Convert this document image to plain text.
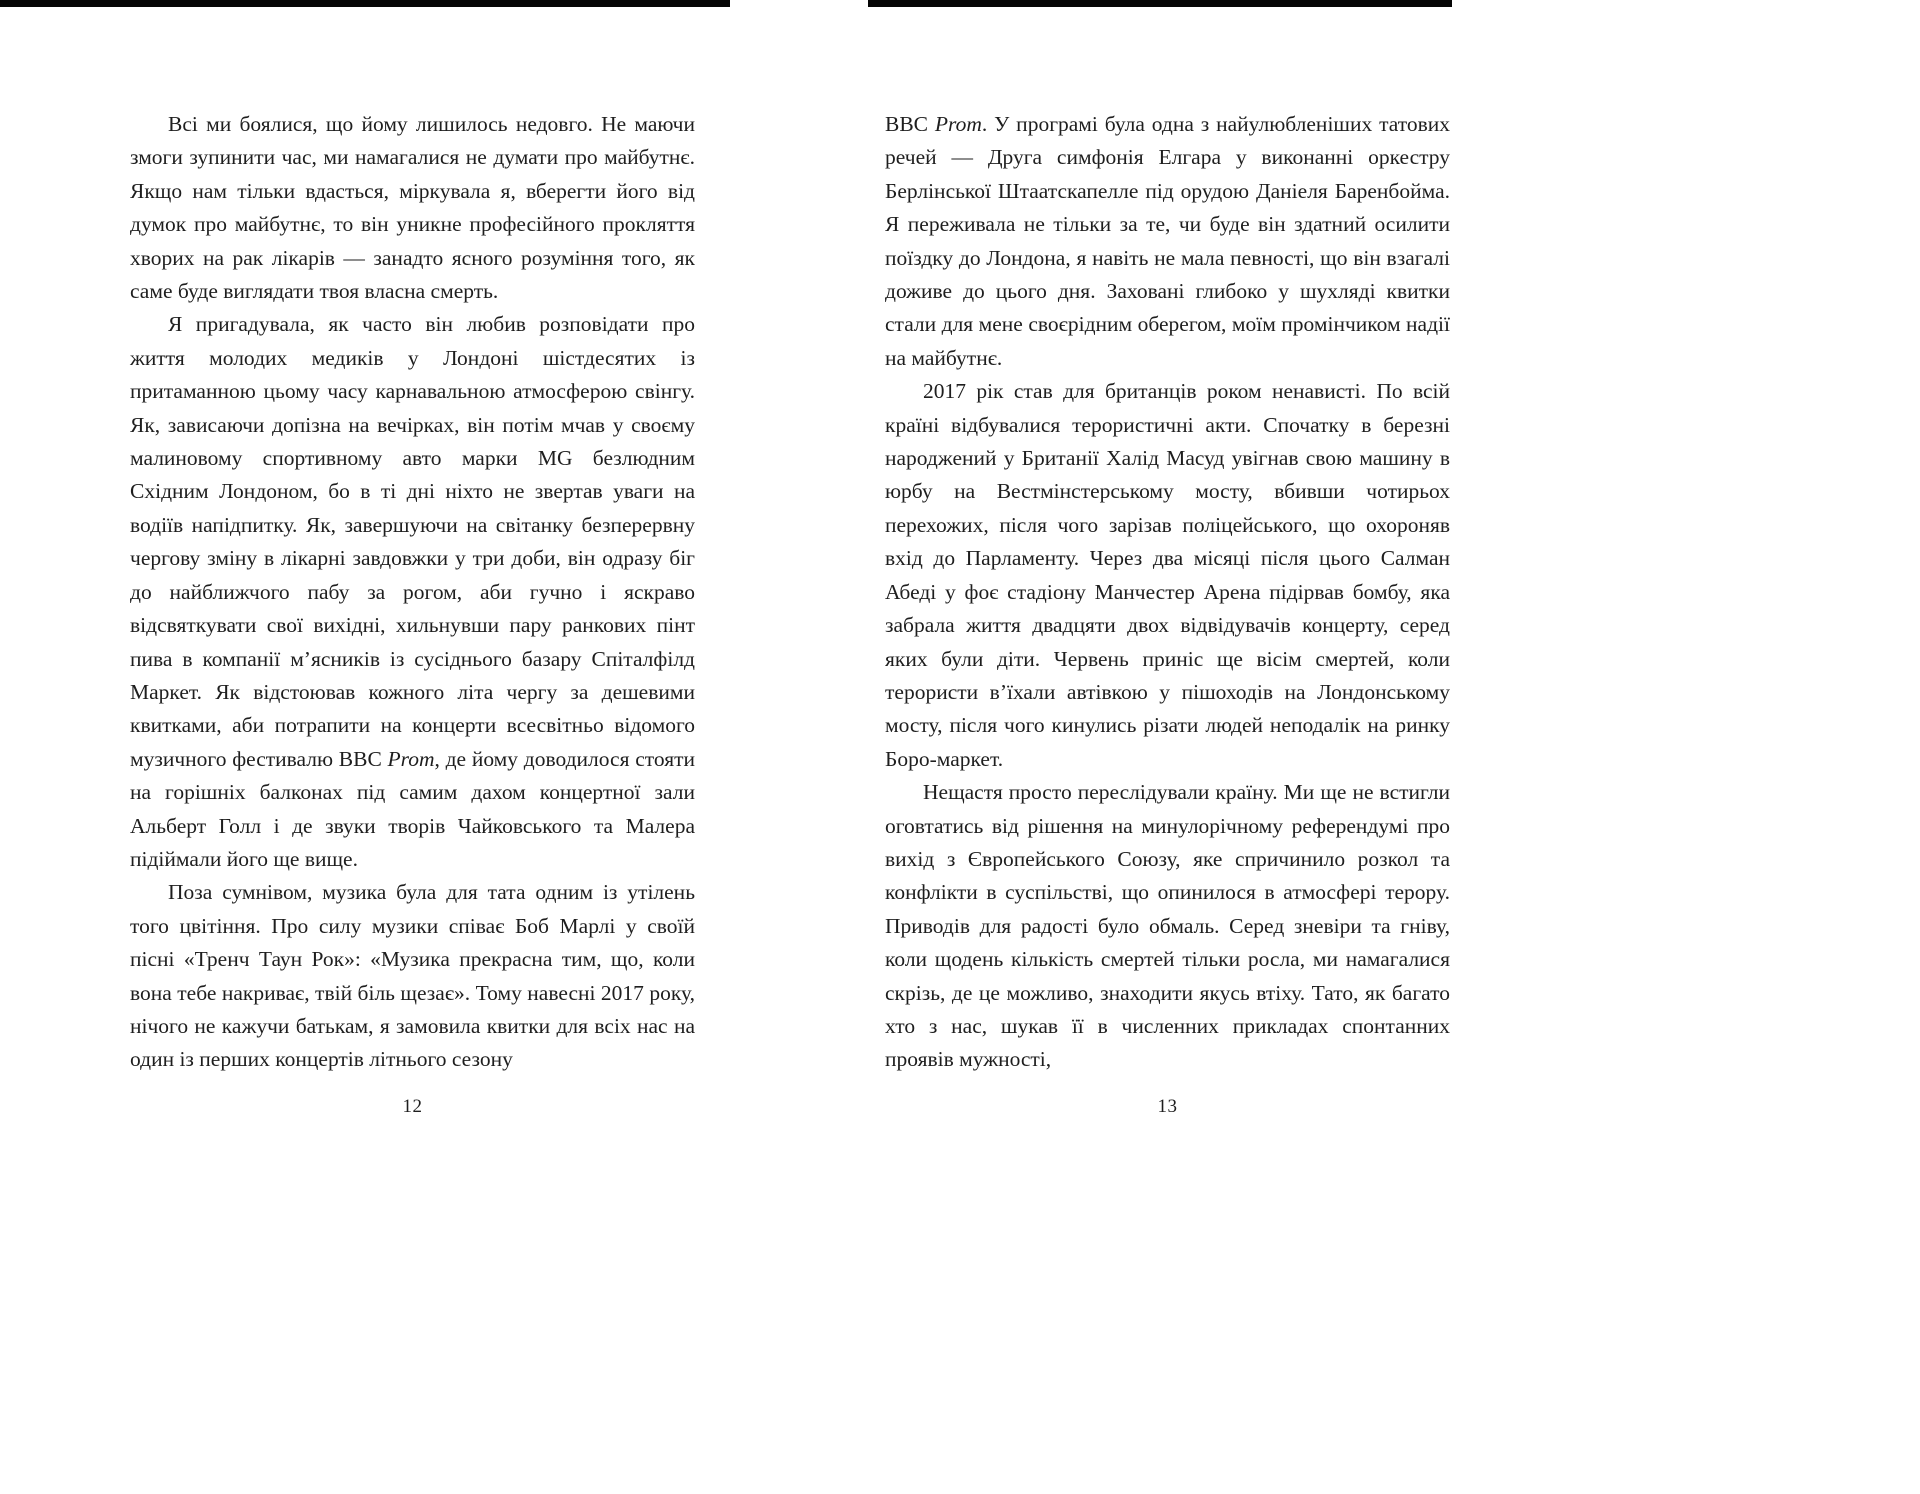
Всі ми боялися, що йому лишилось недовго. Не маючи змоги зупинити час, ми намагалися не думати про майбутнє. Якщо нам тільки вдасться, міркувала я, вберегти його від думок про майбутнє, то він уникне професійного прокляття хворих на рак лікарів — занадто ясного розуміння того, як саме буде виглядати твоя власна смерть.

Я пригадувала, як часто він любив розповідати про життя молодих медиків у Лондоні шістдесятих із притаманною цьому часу карнавальною атмосферою свінгу. Як, зависаючи допізна на вечірках, він потім мчав у своєму малиновому спортивному авто марки MG безлюдним Східним Лондоном, бо в ті дні ніхто не звертав уваги на водіїв напідпитку. Як, завершуючи на світанку безперервну чергову зміну в лікарні завдовжки у три доби, він одразу біг до найближчого пабу за рогом, аби гучно і яскраво відсвяткувати свої вихідні, хильнувши пару ранкових пінт пива в компанії м’ясників із сусіднього базару Спіталфілд Маркет. Як відстоював кожного літа чергу за дешевими квитками, аби потрапити на концерти всесвітньо відомого музичного фестивалю BBC Prom, де йому доводилося стояти на горішніх балконах під самим дахом концертної зали Альберт Голл і де звуки творів Чайковського та Малера підіймали його ще вище.

Поза сумнівом, музика була для тата одним із утілень того цвітіння. Про силу музики співає Боб Марлі у своїй пісні «Тренч Таун Рок»: «Музика прекрасна тим, що, коли вона тебе накриває, твій біль щезає». Тому навесні 2017 року, нічого не кажучи батькам, я замовила квитки для всіх нас на один із перших концертів літнього сезону

BBC Prom. У програмі була одна з найулюбленіших татових речей — Друга симфонія Елгара у виконанні оркестру Берлінської Штаатскапелле під орудою Даніеля Баренбойма. Я переживала не тільки за те, чи буде він здатний осилити поїздку до Лондона, я навіть не мала певності, що він взагалі доживе до цього дня. Заховані глибоко у шухляді квитки стали для мене своєрідним оберегом, моїм промінчиком надії на майбутнє.

2017 рік став для британців роком ненависті. По всій країні відбувалися терористичні акти. Спочатку в березні народжений у Британії Халід Масуд увігнав свою машину в юрбу на Вестмінстерському мосту, вбивши чотирьох перехожих, після чого зарізав поліцейського, що охороняв вхід до Парламенту. Через два місяці після цього Салман Абеді у фоє стадіону Манчестер Арена підірвав бомбу, яка забрала життя двадцяти двох відвідувачів концерту, серед яких були діти. Червень приніс ще вісім смертей, коли терористи в’їхали автівкою у пішоходів на Лондонському мосту, після чого кинулись різати людей неподалік на ринку Боро-маркет.

Нещастя просто переслідували країну. Ми ще не встигли оговтатись від рішення на минулорічному референдумі про вихід з Європейського Союзу, яке спричинило розкол та конфлікти в суспільстві, що опинилося в атмосфері терору. Приводів для радості було обмаль. Серед зневіри та гніву, коли щодень кількість смертей тільки росла, ми намагалися скрізь, де це можливо, знаходити якусь втіху. Тато, як багато хто з нас, шукав її в численних прикладах спонтанних проявів мужності,

12	13
